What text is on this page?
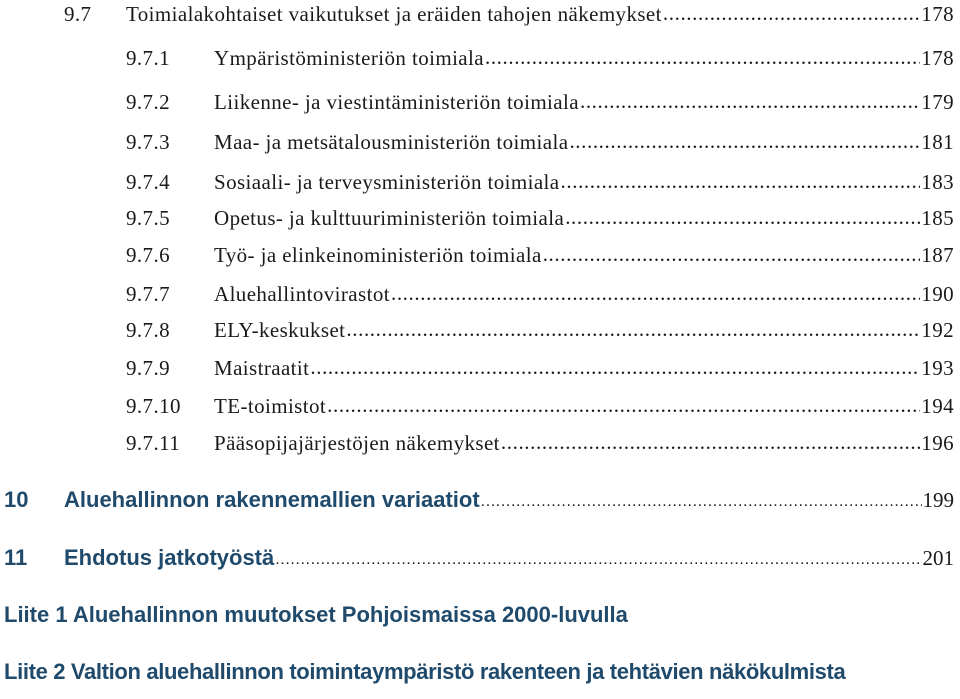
9.7	Toimialakohtaiset vaikutukset ja eräiden tahojen näkemykset .....	178
9.7.1	Ympäristöministeriön toimiala .....	178
9.7.2	Liikenne- ja viestintäministeriön toimiala .....	179
9.7.3	Maa- ja metsätalousministeriön toimiala .....	181
9.7.4	Sosiaali- ja terveysministeriön toimiala .....	183
9.7.5	Opetus- ja kulttuuriministeriön toimiala .....	185
9.7.6	Työ- ja elinkeinoministeriön toimiala .....	187
9.7.7	Aluehallintovirastot .....	190
9.7.8	ELY-keskukset .....	192
9.7.9	Maistraatit .....	193
9.7.10	TE-toimistot .....	194
9.7.11	Pääsopijajärjestöjen näkemykset .....	196
10	Aluehallinnon rakennemallien variaatiot .....	199
11	Ehdotus jatkotyöstä .....	201
Liite 1 Aluehallinnon muutokset Pohjoismaissa 2000-luvulla
Liite 2 Valtion aluehallinnon toimintaympäristö rakenteen ja tehtävien näkökulmista
